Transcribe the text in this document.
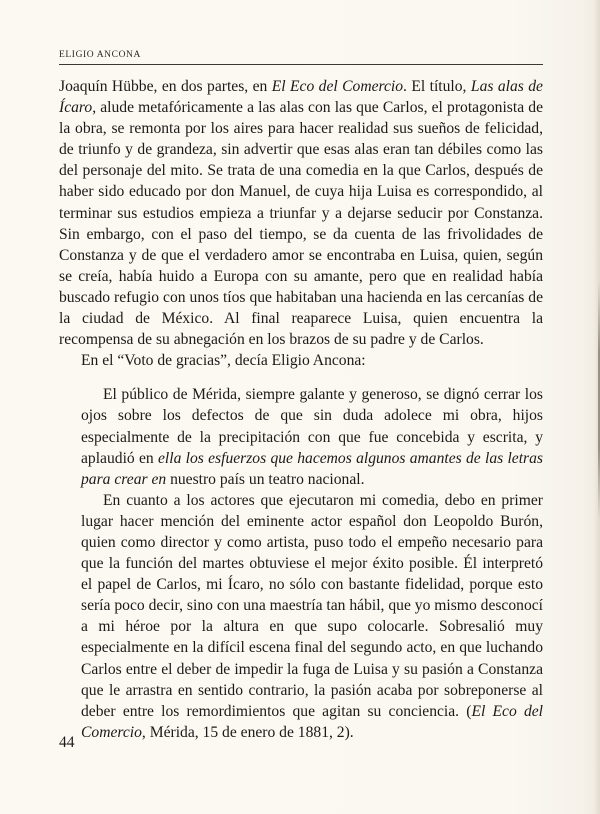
ELIGIO ANCONA

Joaquín Hübbe, en dos partes, en El Eco del Comercio. El título, Las alas de Ícaro, alude metafóricamente a las alas con las que Carlos, el protagonista de la obra, se remonta por los aires para hacer realidad sus sueños de felicidad, de triunfo y de grandeza, sin advertir que esas alas eran tan débiles como las del personaje del mito. Se trata de una comedia en la que Carlos, después de haber sido educado por don Manuel, de cuya hija Luisa es correspondido, al terminar sus estudios empieza a triunfar y a dejarse seducir por Constanza. Sin embargo, con el paso del tiempo, se da cuenta de las frivolidades de Constanza y de que el verdadero amor se encontraba en Luisa, quien, según se creía, había huido a Europa con su amante, pero que en realidad había buscado refugio con unos tíos que habitaban una hacienda en las cercanías de la ciudad de México. Al final reaparece Luisa, quien encuentra la recompensa de su abnegación en los brazos de su padre y de Carlos.

En el “Voto de gracias”, decía Eligio Ancona:

El público de Mérida, siempre galante y generoso, se dignó cerrar los ojos sobre los defectos de que sin duda adolece mi obra, hijos especialmente de la precipitación con que fue concebida y escrita, y aplaudió en ella los esfuerzos que hacemos algunos amantes de las letras para crear en nuestro país un teatro nacional.

En cuanto a los actores que ejecutaron mi comedia, debo en primer lugar hacer mención del eminente actor español don Leopoldo Burón, quien como director y como artista, puso todo el empeño necesario para que la función del martes obtuviese el mejor éxito posible. Él interpretó el papel de Carlos, mi Ícaro, no sólo con bastante fidelidad, porque esto sería poco decir, sino con una maestría tan hábil, que yo mismo desconocí a mi héroe por la altura en que supo colocarle. Sobresalió muy especialmente en la difícil escena final del segundo acto, en que luchando Carlos entre el deber de impedir la fuga de Luisa y su pasión a Constanza que le arrastra en sentido contrario, la pasión acaba por sobreponerse al deber entre los remordimientos que agitan su conciencia. (El Eco del Comercio, Mérida, 15 de enero de 1881, 2).

44
